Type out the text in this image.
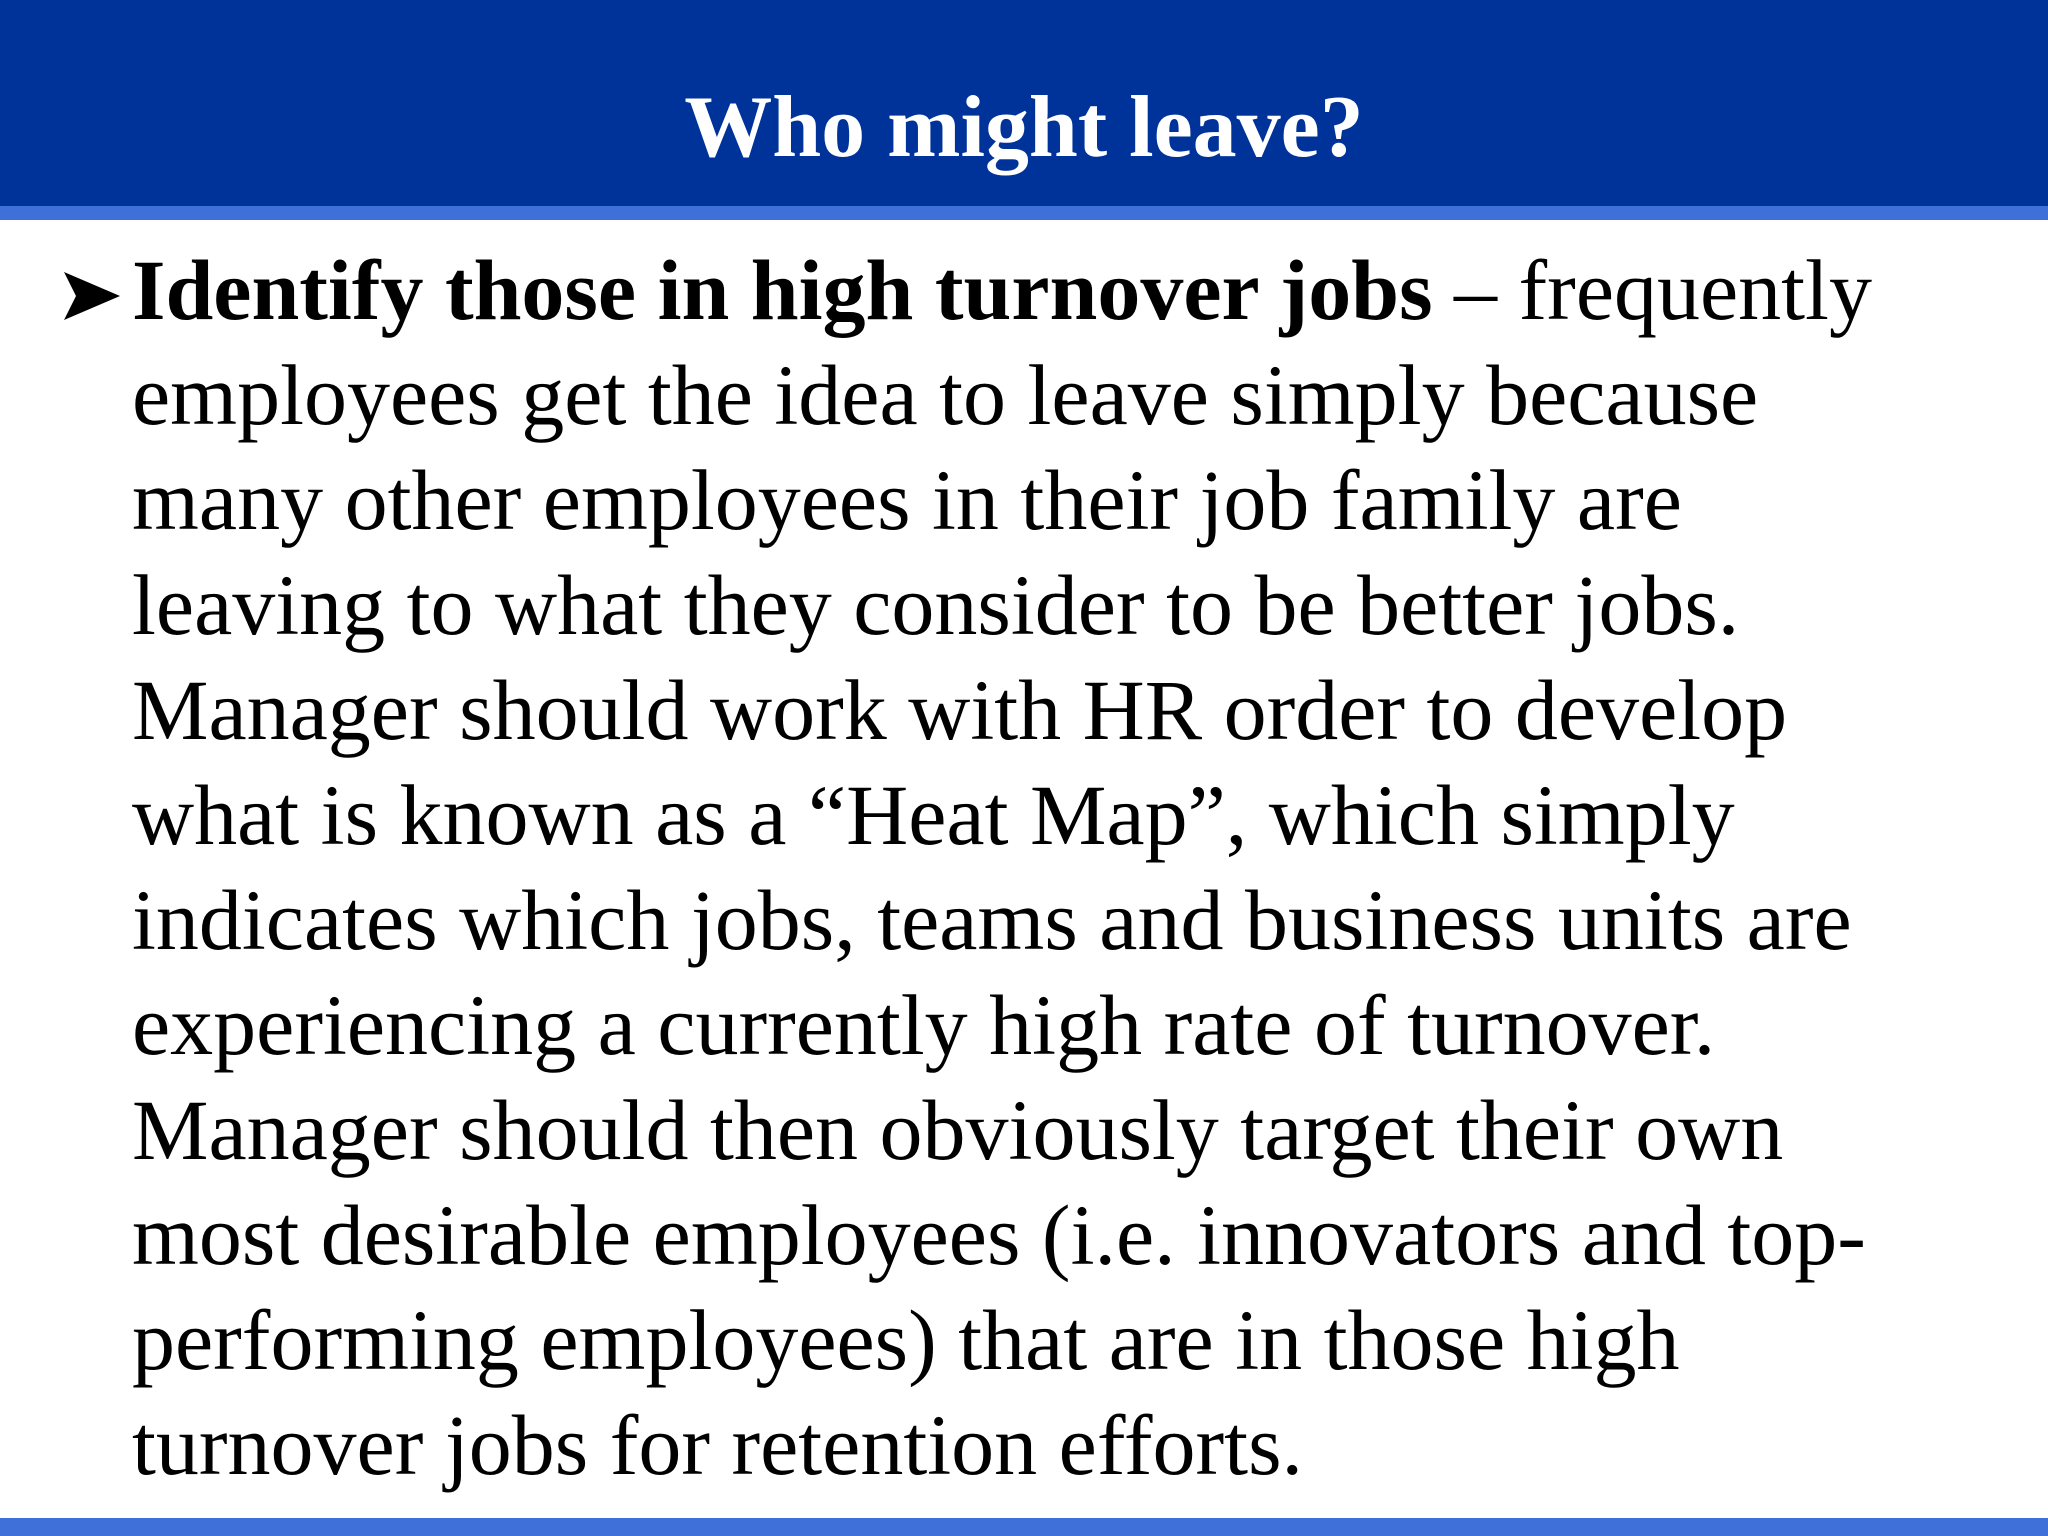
Who might leave?
Identify those in high turnover jobs – frequently
employees get the idea to leave simply because
many other employees in their job family are
leaving to what they consider to be better jobs.
Manager should work with HR order to develop
what is known as a “Heat Map”, which simply
indicates which jobs, teams and business units are
experiencing a currently high rate of turnover.
Manager should then obviously target their own
most desirable employees (i.e. innovators and top-
performing employees) that are in those high
turnover jobs for retention efforts.
